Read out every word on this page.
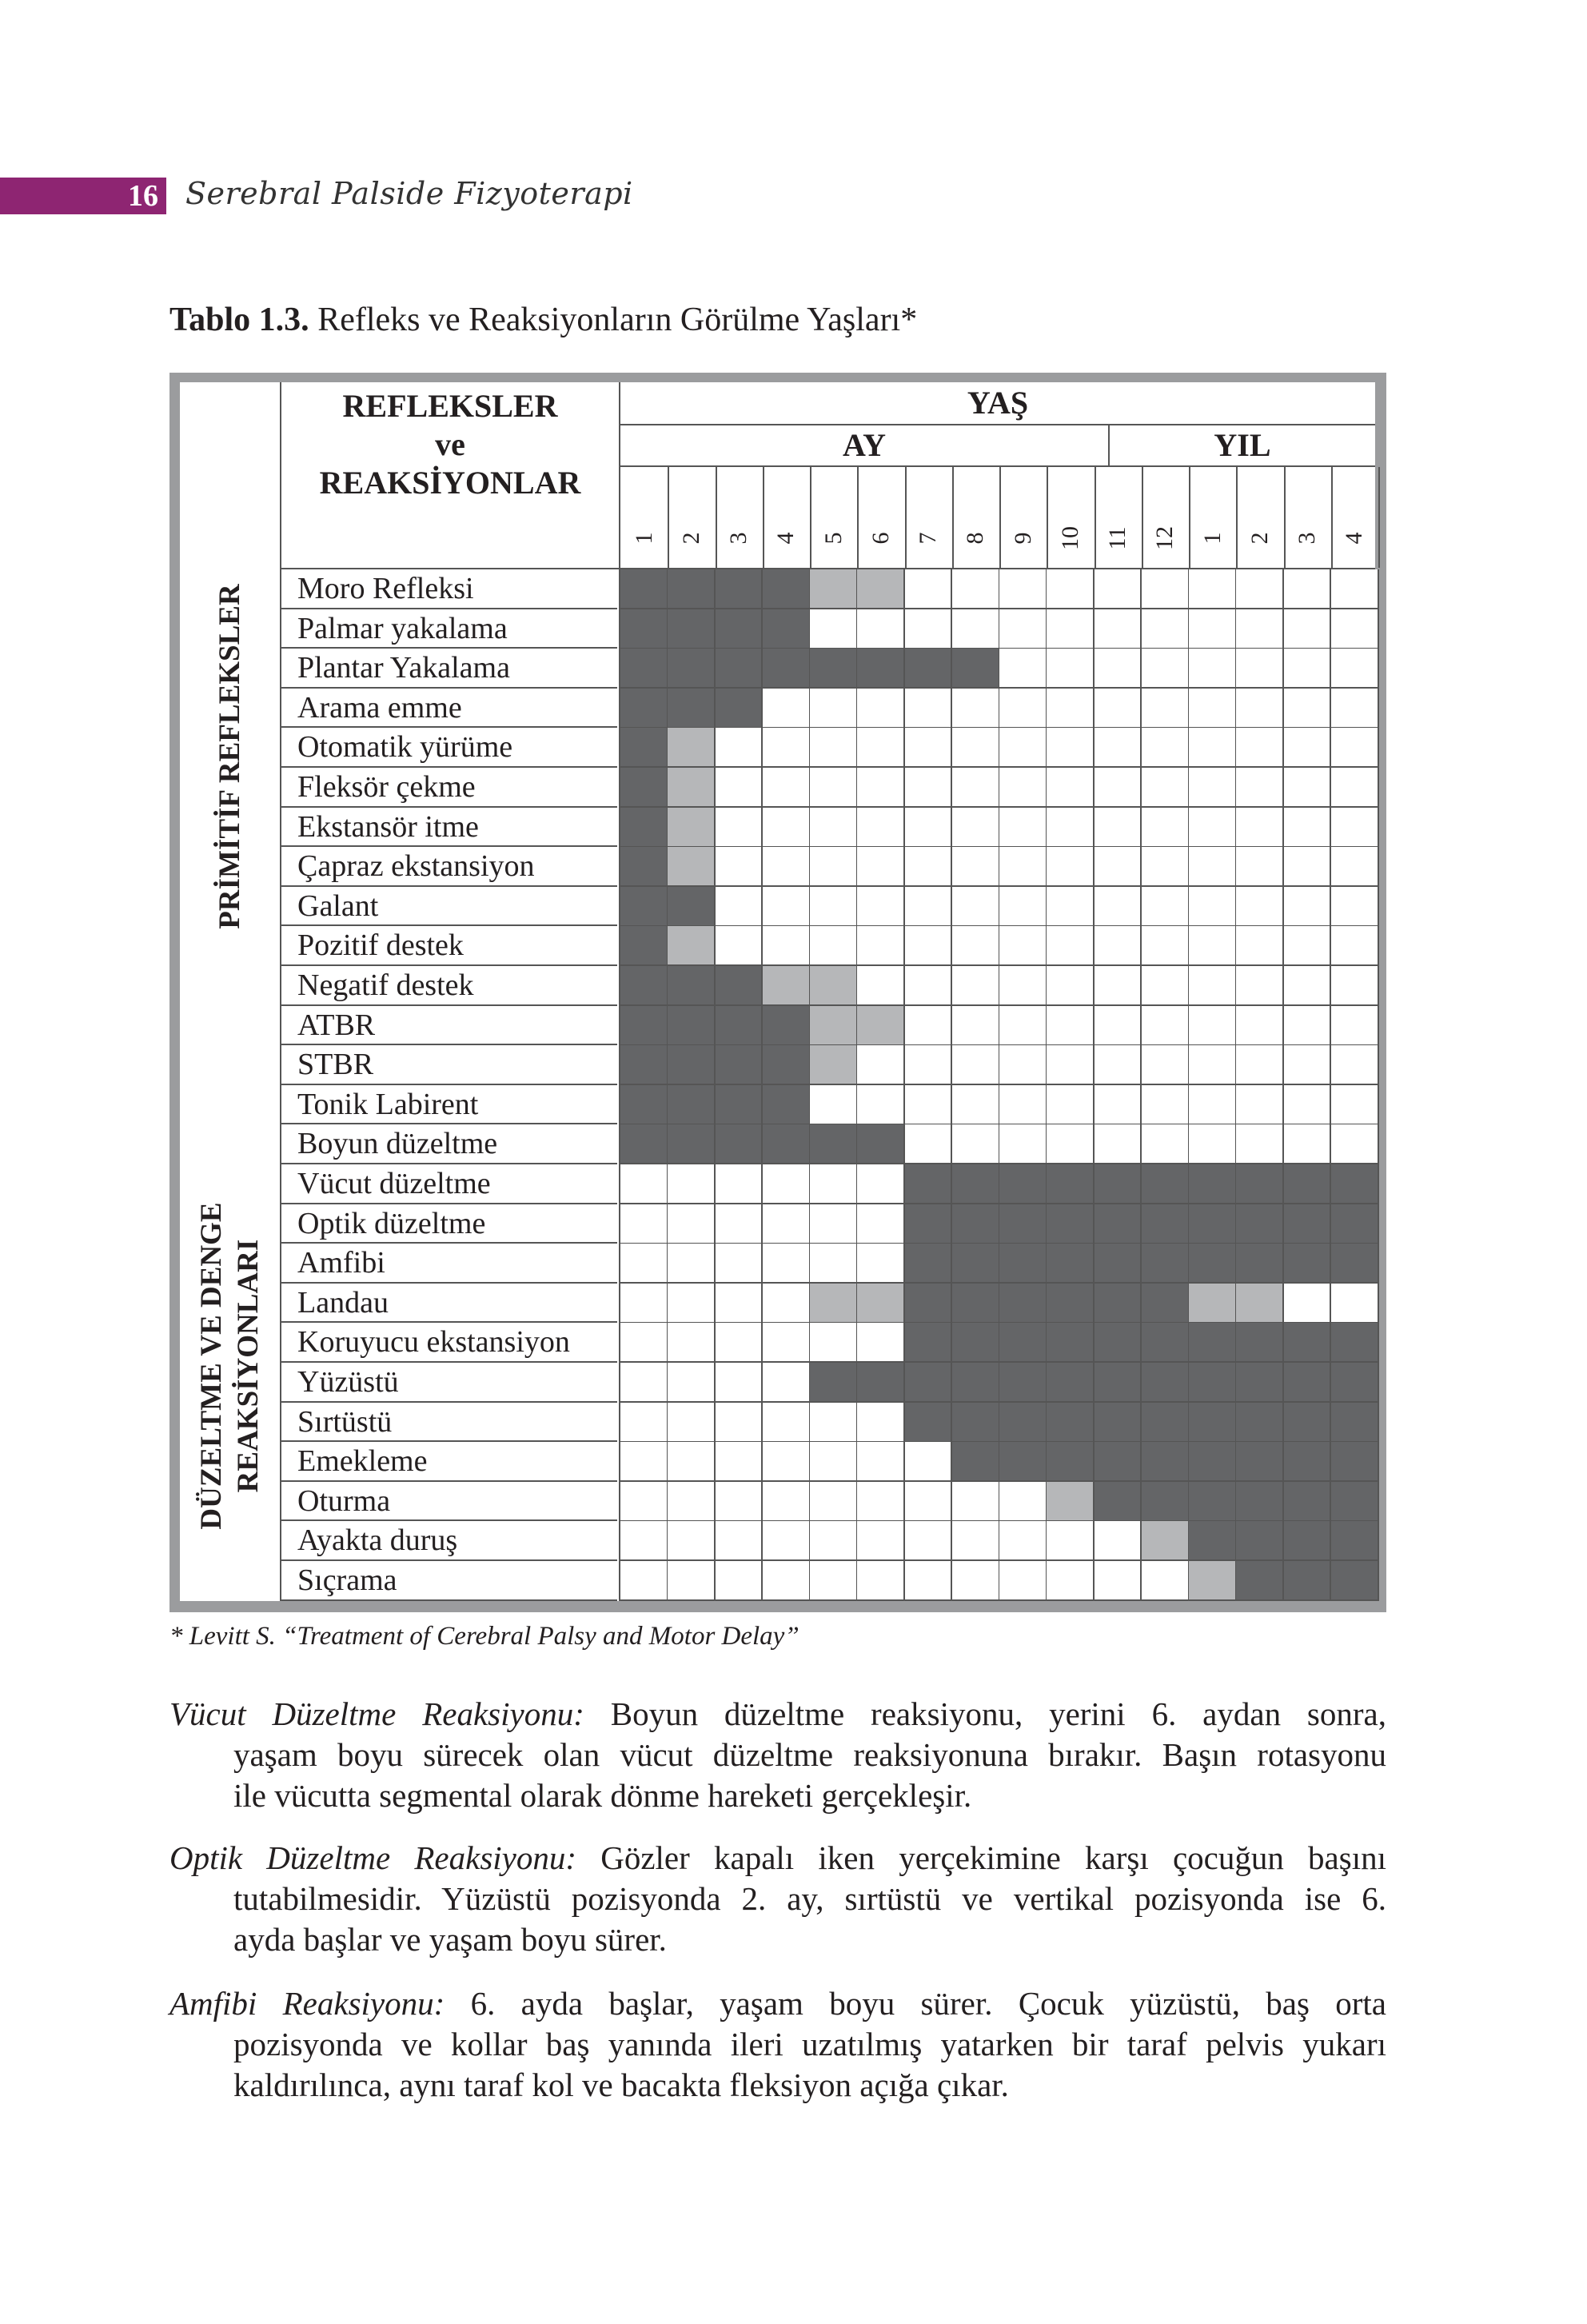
16 Serebral Palside Fizyoterapi
Tablo 1.3. Refleks ve Reaksiyonların Görülme Yaşları*
PRİMİTİF REFLEKSLER
DÜZELTME VE DENGE REAKSİYONLARI
REFLEKSLER
ve
REAKSİYONLAR
YAŞ
AY	YIL
1 2 3 4 5 6 7 8 9 10 11 12 1 2 3 4
Moro Refleksi
Palmar yakalama
Plantar Yakalama
Arama emme
Otomatik yürüme
Fleksör çekme
Ekstansör itme
Çapraz ekstansiyon
Galant
Pozitif destek
Negatif destek
ATBR
STBR
Tonik Labirent
Boyun düzeltme
Vücut düzeltme
Optik düzeltme
Amfibi
Landau
Koruyucu ekstansiyon
Yüzüstü
Sırtüstü
Emekleme
Oturma
Ayakta duruş
Sıçrama
* Levitt S. “Treatment of Cerebral Palsy and Motor Delay”
Vücut Düzeltme Reaksiyonu: Boyun düzeltme reaksiyonu, yerini 6. aydan sonra,
yaşam boyu sürecek olan vücut düzeltme reaksiyonuna bırakır. Başın rotasyonu
ile vücutta segmental olarak dönme hareketi gerçekleşir.
Optik Düzeltme Reaksiyonu: Gözler kapalı iken yerçekimine karşı çocuğun başını
tutabilmesidir. Yüzüstü pozisyonda 2. ay, sırtüstü ve vertikal pozisyonda ise 6.
ayda başlar ve yaşam boyu sürer.
Amfibi Reaksiyonu: 6. ayda başlar, yaşam boyu sürer. Çocuk yüzüstü, baş orta
pozisyonda ve kollar baş yanında ileri uzatılmış yatarken bir taraf pelvis yukarı
kaldırılınca, aynı taraf kol ve bacakta fleksiyon açığa çıkar.
